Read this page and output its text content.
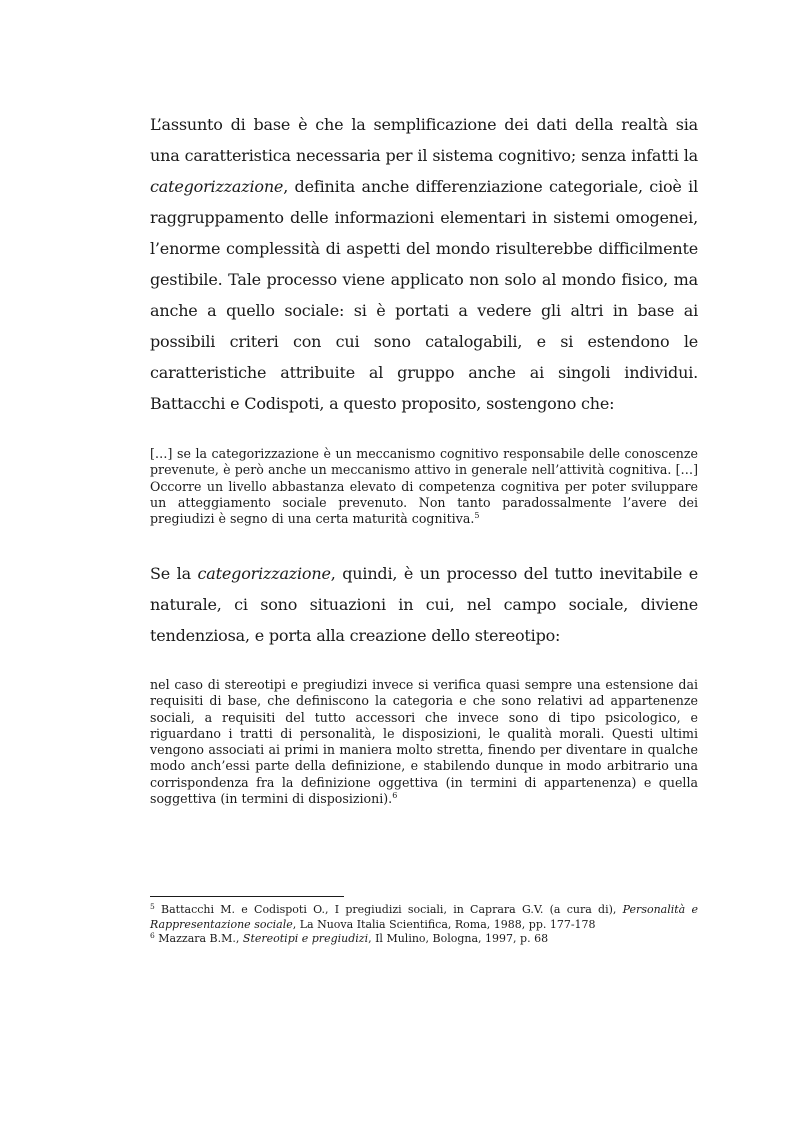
L’assunto di base è che la semplificazione dei dati della realtà sia una caratteristica necessaria per il sistema cognitivo; senza infatti la categorizzazione, definita anche differenziazione categoriale, cioè il raggruppamento delle informazioni elementari in sistemi omogenei, l’enorme complessità di aspetti del mondo risulterebbe difficilmente gestibile. Tale processo viene applicato non solo al mondo fisico, ma anche a quello sociale: si è portati a vedere gli altri in base ai possibili criteri con cui sono catalogabili, e si estendono le caratteristiche attribuite al gruppo anche ai singoli individui. Battacchi e Codispoti, a questo proposito, sostengono che:

[…] se la categorizzazione è un meccanismo cognitivo responsabile delle conoscenze prevenute, è però anche un meccanismo attivo in generale nell’attività cognitiva. […] Occorre un livello abbastanza elevato di competenza cognitiva per poter sviluppare un atteggiamento sociale prevenuto. Non tanto paradossalmente l’avere dei pregiudizi è segno di una certa maturità cognitiva.$^5$

Se la categorizzazione, quindi, è un processo del tutto inevitabile e naturale, ci sono situazioni in cui, nel campo sociale, diviene tendenziosa, e porta alla creazione dello stereotipo:

nel caso di stereotipi e pregiudizi invece si verifica quasi sempre una estensione dai requisiti di base, che definiscono la categoria e che sono relativi ad appartenenze sociali, a requisiti del tutto accessori che invece sono di tipo psicologico, e riguardano i tratti di personalità, le disposizioni, le qualità morali. Questi ultimi vengono associati ai primi in maniera molto stretta, finendo per diventare in qualche modo anch’essi parte della definizione, e stabilendo dunque in modo arbitrario una corrispondenza fra la definizione oggettiva (in termini di appartenenza) e quella soggettiva (in termini di disposizioni).$^6$

$^5$ Battacchi M. e Codispoti O., I pregiudizi sociali, in Caprara G.V. (a cura di), Personalità e Rappresentazione sociale, La Nuova Italia Scientifica, Roma, 1988, pp. 177-178

$^6$ Mazzara B.M., Stereotipi e pregiudizi, Il Mulino, Bologna, 1997, p. 68
